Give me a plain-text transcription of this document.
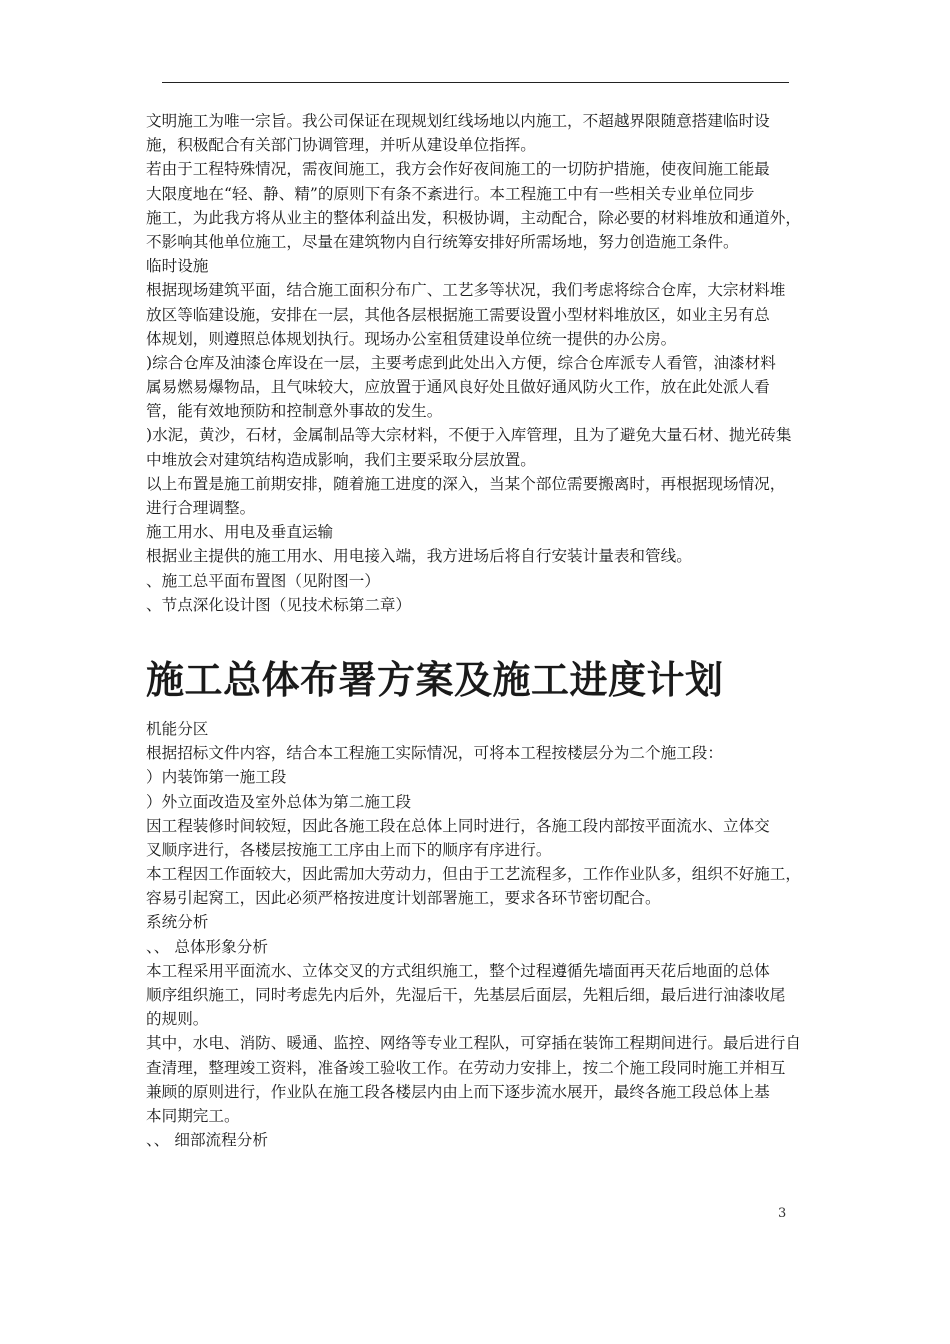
文明施工为唯一宗旨。我公司保证在现规划红线场地以内施工，不超越界限随意搭建临时设
施，积极配合有关部门协调管理，并听从建设单位指挥。
若由于工程特殊情况，需夜间施工，我方会作好夜间施工的一切防护措施，使夜间施工能最
大限度地在“轻、静、精”的原则下有条不紊进行。本工程施工中有一些相关专业单位同步
施工，为此我方将从业主的整体利益出发，积极协调，主动配合，除必要的材料堆放和通道外，
不影响其他单位施工，尽量在建筑物内自行统筹安排好所需场地，努力创造施工条件。
临时设施
根据现场建筑平面，结合施工面积分布广、工艺多等状况，我们考虑将综合仓库，大宗材料堆
放区等临建设施，安排在一层，其他各层根据施工需要设置小型材料堆放区，如业主另有总
体规划，则遵照总体规划执行。现场办公室租赁建设单位统一提供的办公房。
)综合仓库及油漆仓库设在一层，主要考虑到此处出入方便，综合仓库派专人看管，油漆材料
属易燃易爆物品，且气味较大，应放置于通风良好处且做好通风防火工作，放在此处派人看
管，能有效地预防和控制意外事故的发生。
)水泥，黄沙，石材，金属制品等大宗材料，不便于入库管理，且为了避免大量石材、抛光砖集
中堆放会对建筑结构造成影响，我们主要采取分层放置。
以上布置是施工前期安排，随着施工进度的深入，当某个部位需要搬离时，再根据现场情况，
进行合理调整。
施工用水、用电及垂直运输
根据业主提供的施工用水、用电接入端，我方进场后将自行安装计量表和管线。
、施工总平面布置图（见附图一）
、节点深化设计图（见技术标第二章）
施工总体布署方案及施工进度计划
机能分区
根据招标文件内容，结合本工程施工实际情况，可将本工程按楼层分为二个施工段：
）内装饰第一施工段
）外立面改造及室外总体为第二施工段
因工程装修时间较短，因此各施工段在总体上同时进行，各施工段内部按平面流水、立体交
叉顺序进行，各楼层按施工工序由上而下的顺序有序进行。
本工程因工作面较大，因此需加大劳动力，但由于工艺流程多，工作作业队多，组织不好施工，
容易引起窝工，因此必须严格按进度计划部署施工，要求各环节密切配合。
系统分析
、、 总体形象分析
本工程采用平面流水、立体交叉的方式组织施工，整个过程遵循先墙面再天花后地面的总体
顺序组织施工，同时考虑先内后外，先湿后干，先基层后面层，先粗后细，最后进行油漆收尾
的规则。
其中，水电、消防、暖通、监控、网络等专业工程队，可穿插在装饰工程期间进行。最后进行自
查清理，整理竣工资料，准备竣工验收工作。在劳动力安排上，按二个施工段同时施工并相互
兼顾的原则进行，作业队在施工段各楼层内由上而下逐步流水展开，最终各施工段总体上基
本同期完工。
、、 细部流程分析
3
